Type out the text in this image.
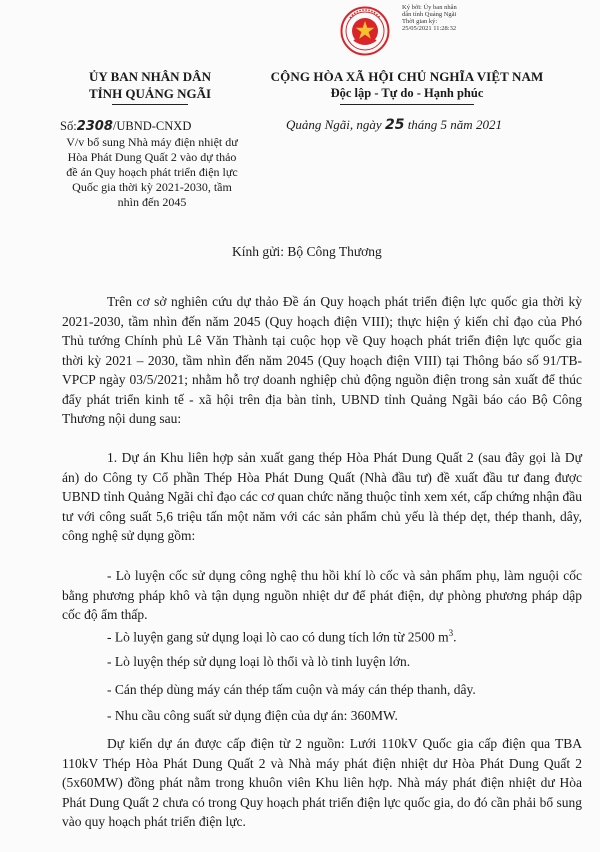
Ký bởi: Ủy ban nhân
dân tỉnh Quảng Ngãi
Thời gian ký:
25/05/2021 11:28:32
ỦY BAN NHÂN DÂN
TỈNH QUẢNG NGÃI
CỘNG HÒA XÃ HỘI CHỦ NGHĨA VIỆT NAM
Độc lập - Tự do - Hạnh phúc
Số:2308/UBND-CNXD
V/v bổ sung Nhà máy điện nhiệt dư Hòa Phát Dung Quất 2 vào dự thảo đề án Quy hoạch phát triển điện lực Quốc gia thời kỳ 2021-2030, tầm nhìn đến 2045
Quảng Ngãi, ngày 25 tháng 5 năm 2021
Kính gửi: Bộ Công Thương
Trên cơ sở nghiên cứu dự thảo Đề án Quy hoạch phát triển điện lực quốc gia thời kỳ 2021-2030, tầm nhìn đến năm 2045 (Quy hoạch điện VIII); thực hiện ý kiến chỉ đạo của Phó Thủ tướng Chính phủ Lê Văn Thành tại cuộc họp về Quy hoạch phát triển điện lực quốc gia thời kỳ 2021 – 2030, tầm nhìn đến năm 2045 (Quy hoạch điện VIII) tại Thông báo số 91/TB-VPCP ngày 03/5/2021; nhằm hỗ trợ doanh nghiệp chủ động nguồn điện trong sản xuất để thúc đẩy phát triển kinh tế - xã hội trên địa bàn tỉnh, UBND tỉnh Quảng Ngãi báo cáo Bộ Công Thương nội dung sau:
1. Dự án Khu liên hợp sản xuất gang thép Hòa Phát Dung Quất 2 (sau đây gọi là Dự án) do Công ty Cổ phần Thép Hòa Phát Dung Quất (Nhà đầu tư) đề xuất đầu tư đang được UBND tỉnh Quảng Ngãi chỉ đạo các cơ quan chức năng thuộc tỉnh xem xét, cấp chứng nhận đầu tư với công suất 5,6 triệu tấn một năm với các sản phẩm chủ yếu là thép dẹt, thép thanh, dây, công nghệ sử dụng gồm:
- Lò luyện cốc sử dụng công nghệ thu hồi khí lò cốc và sản phẩm phụ, làm nguội cốc bằng phương pháp khô và tận dụng nguồn nhiệt dư để phát điện, dự phòng phương pháp dập cốc độ ẩm thấp.
- Lò luyện gang sử dụng loại lò cao có dung tích lớn từ 2500 $m^3$.
- Lò luyện thép sử dụng loại lò thổi và lò tinh luyện lớn.
- Cán thép dùng máy cán thép tấm cuộn và máy cán thép thanh, dây.
- Nhu cầu công suất sử dụng điện của dự án: 360MW.
Dự kiến dự án được cấp điện từ 2 nguồn: Lưới 110kV Quốc gia cấp điện qua TBA 110kV Thép Hòa Phát Dung Quất 2 và Nhà máy phát điện nhiệt dư Hòa Phát Dung Quất 2 (5x60MW) đồng phát nằm trong khuôn viên Khu liên hợp. Nhà máy phát điện nhiệt dư Hòa Phát Dung Quất 2 chưa có trong Quy hoạch phát triển điện lực quốc gia, do đó cần phải bổ sung vào quy hoạch phát triển điện lực.
